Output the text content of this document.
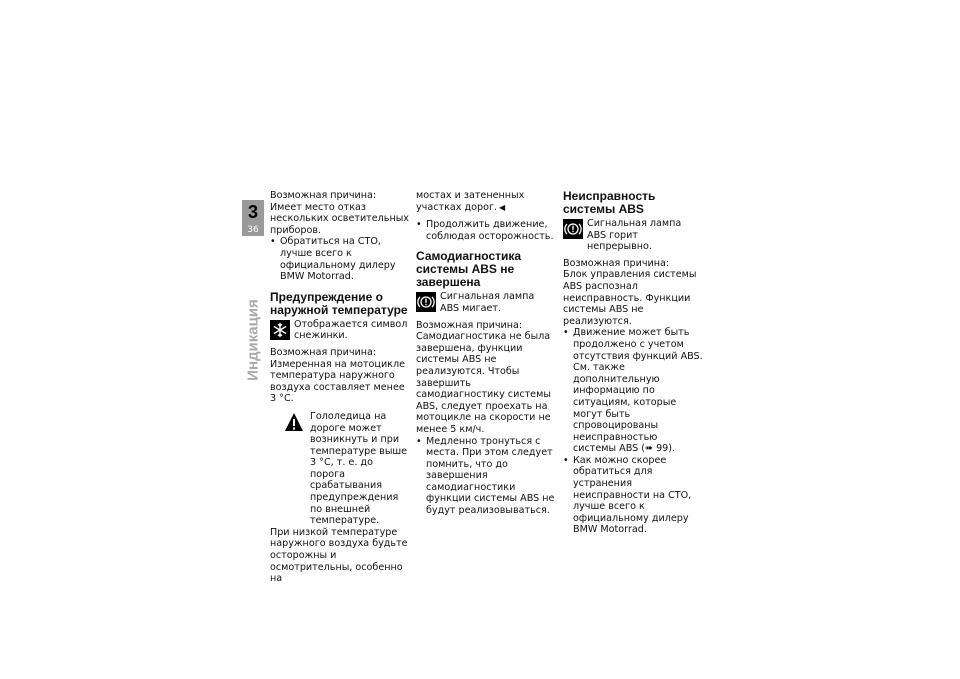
3
36
Индикация

Возможная причина:

Имеет место отказ нескольких осветительных приборов.

• Обратиться на СТО, лучше всего к официальному дилеру BMW Motorrad.
Предупреждение о наружной температуре

Отображается символ снежинки.

Возможная причина:

Измеренная на мотоцикле температура наружного воздуха составляет менее 3 °C.

Гололедица на дороге может возникнуть и при температуре выше 3 °C, т. е. до порога срабатывания предупреждения по внешней температуре.

При низкой температуре наружного воздуха будьте осторожны и осмотрительны, особенно на

мостах и затененных участках дорог. ◀

• Продолжить движение, соблюдая осторожность.
Самодиагностика системы ABS не завершена

Сигнальная лампа ABS мигает.

Возможная причина:

Самодиагностика не была завершена, функции системы ABS не реализуются. Чтобы завершить самодиагностику системы ABS, следует проехать на мотоцикле на скорости не менее 5 км/ч.

• Медленно тронуться с места. При этом следует помнить, что до завершения самодиагностики функции системы ABS не будут реализовываться.
Неисправность системы ABS

Сигнальная лампа ABS горит непрерывно.

Возможная причина:

Блок управления системы ABS распознал неисправность. Функции системы ABS не реализуются.

• Движение может быть продолжено с учетом отсутствия функций ABS. См. также дополнительную информацию по ситуациям, которые могут быть спровоцированы неисправностью системы ABS (➠ 99).
• Как можно скорее обратиться для устранения неисправности на СТО, лучше всего к официальному дилеру BMW Motorrad.
